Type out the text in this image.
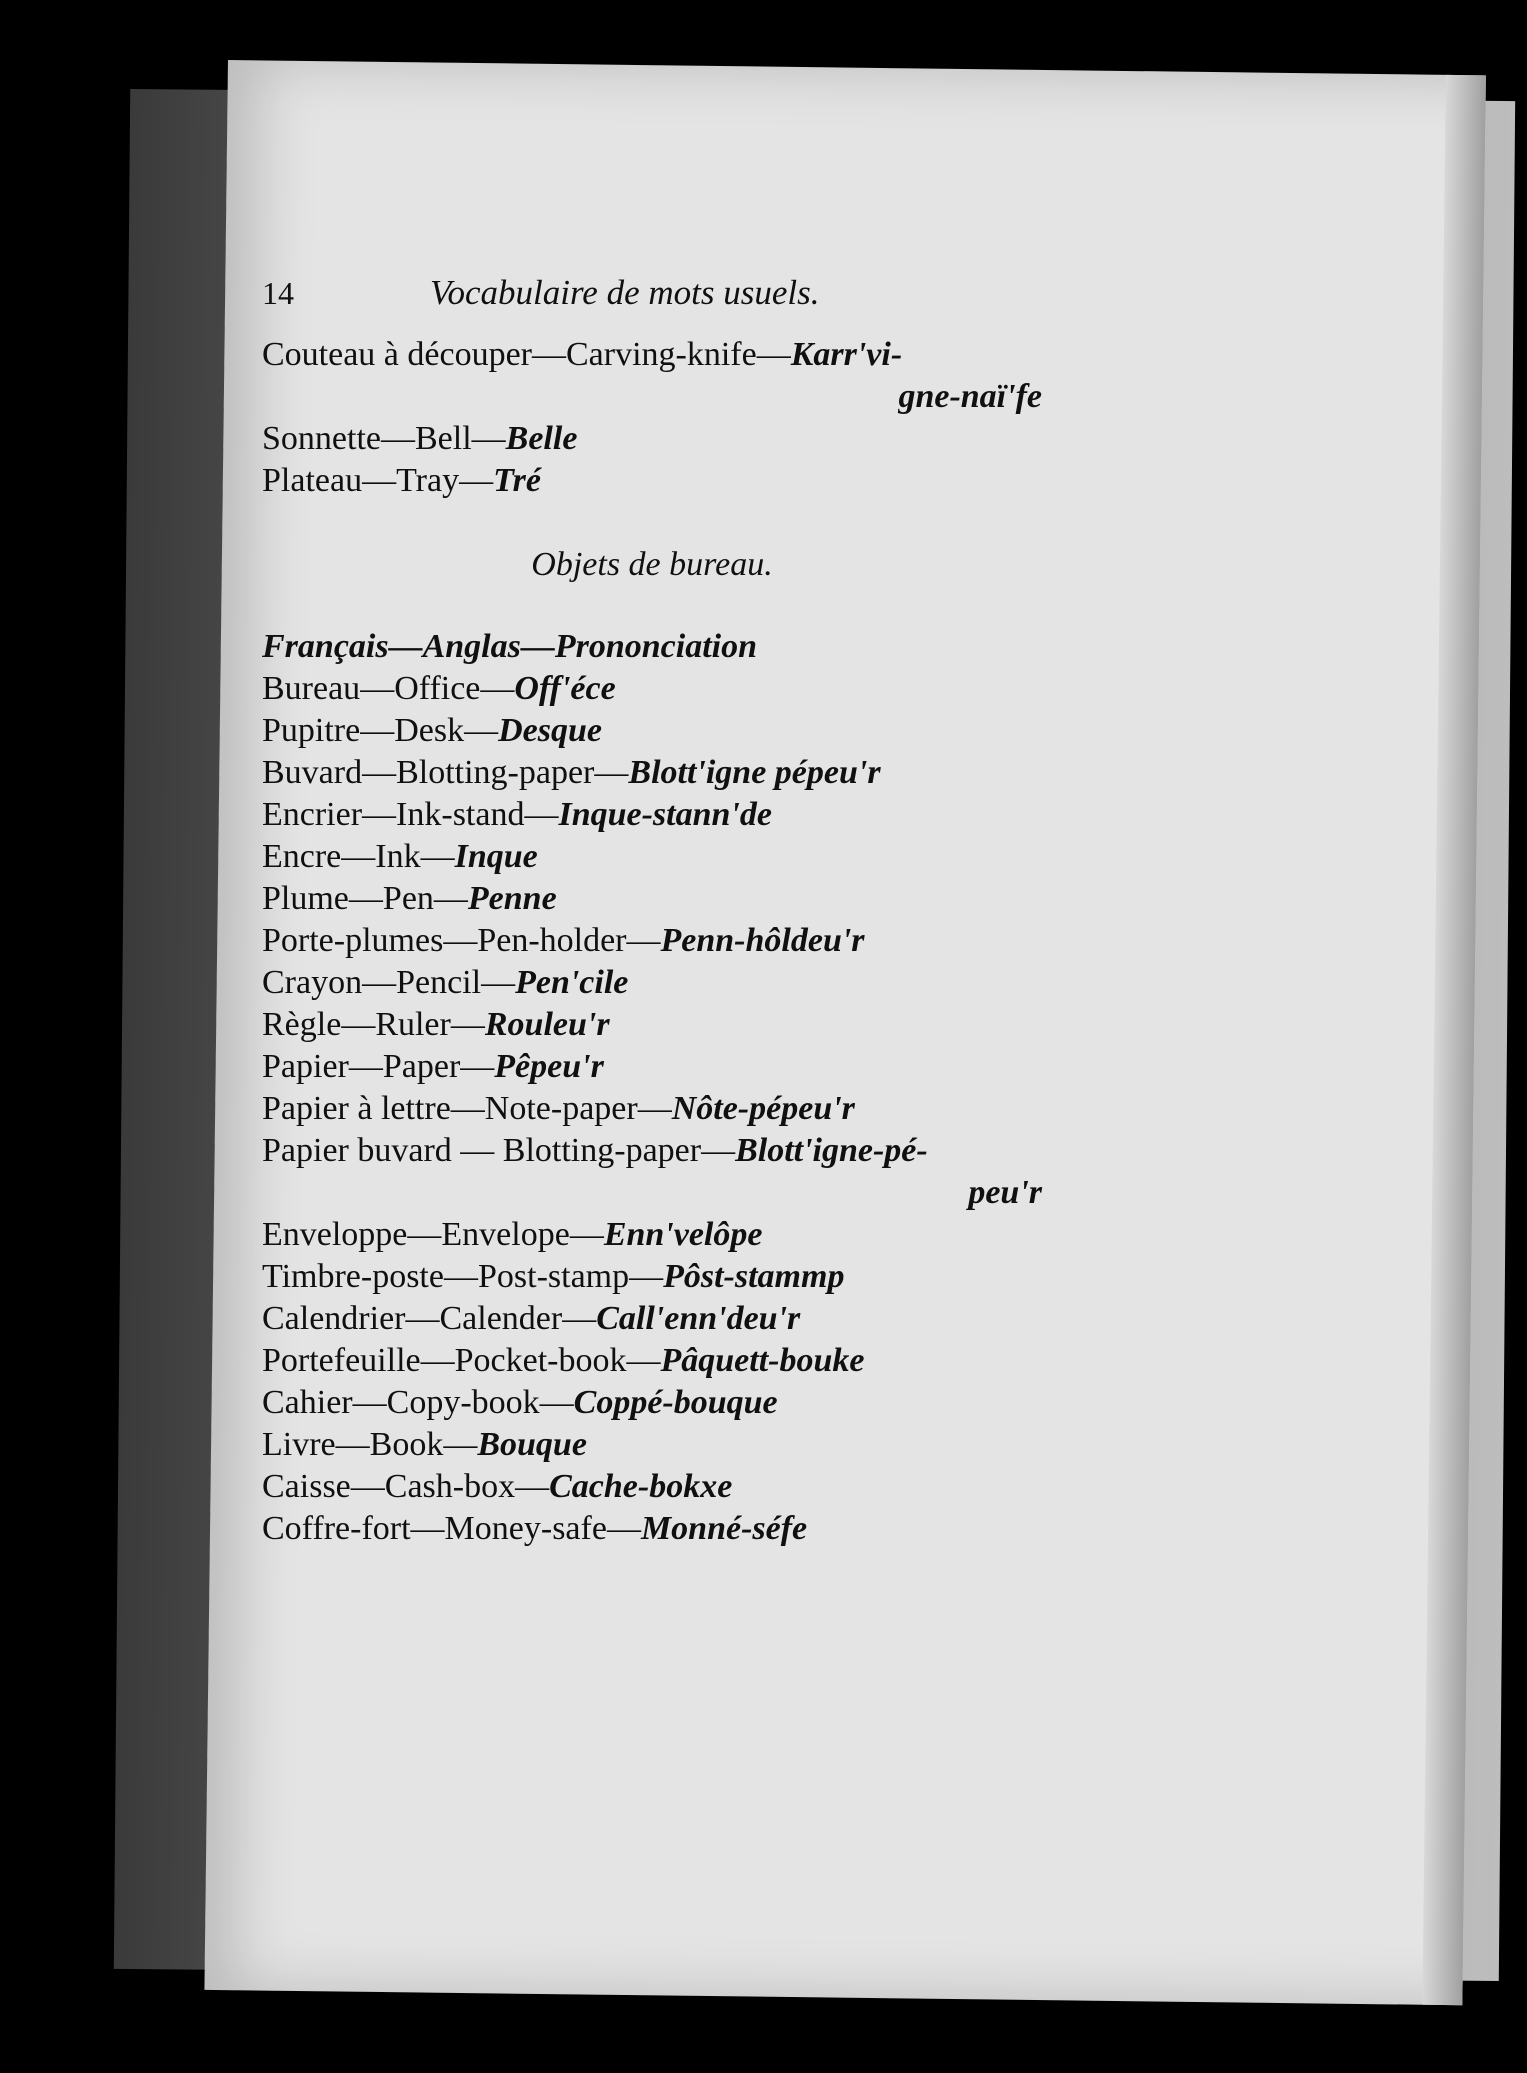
14	Vocabulaire de mots usuels.
Couteau à découper—Carving-knife—Karr'vi-
gne-naï'fe
Sonnette—Bell—Belle
Plateau—Tray—Tré
Objets de bureau.
Français—Anglas—Prononciation
Bureau—Office—Off'éce
Pupitre—Desk—Desque
Buvard—Blotting-paper—Blott'igne pépeu'r
Encrier—Ink-stand—Inque-stann'de
Encre—Ink—Inque
Plume—Pen—Penne
Porte-plumes—Pen-holder—Penn-hôldeu'r
Crayon—Pencil—Pen'cile
Règle—Ruler—Rouleu'r
Papier—Paper—Pêpeu'r
Papier à lettre—Note-paper—Nôte-pépeu'r
Papier buvard — Blotting-paper—Blott'igne-pé-
peu'r
Enveloppe—Envelope—Enn'velôpe
Timbre-poste—Post-stamp—Pôst-stammp
Calendrier—Calender—Call'enn'deu'r
Portefeuille—Pocket-book—Pâquett-bouke
Cahier—Copy-book—Coppé-bouque
Livre—Book—Bouque
Caisse—Cash-box—Cache-bokxe
Coffre-fort—Money-safe—Monné-séfe
